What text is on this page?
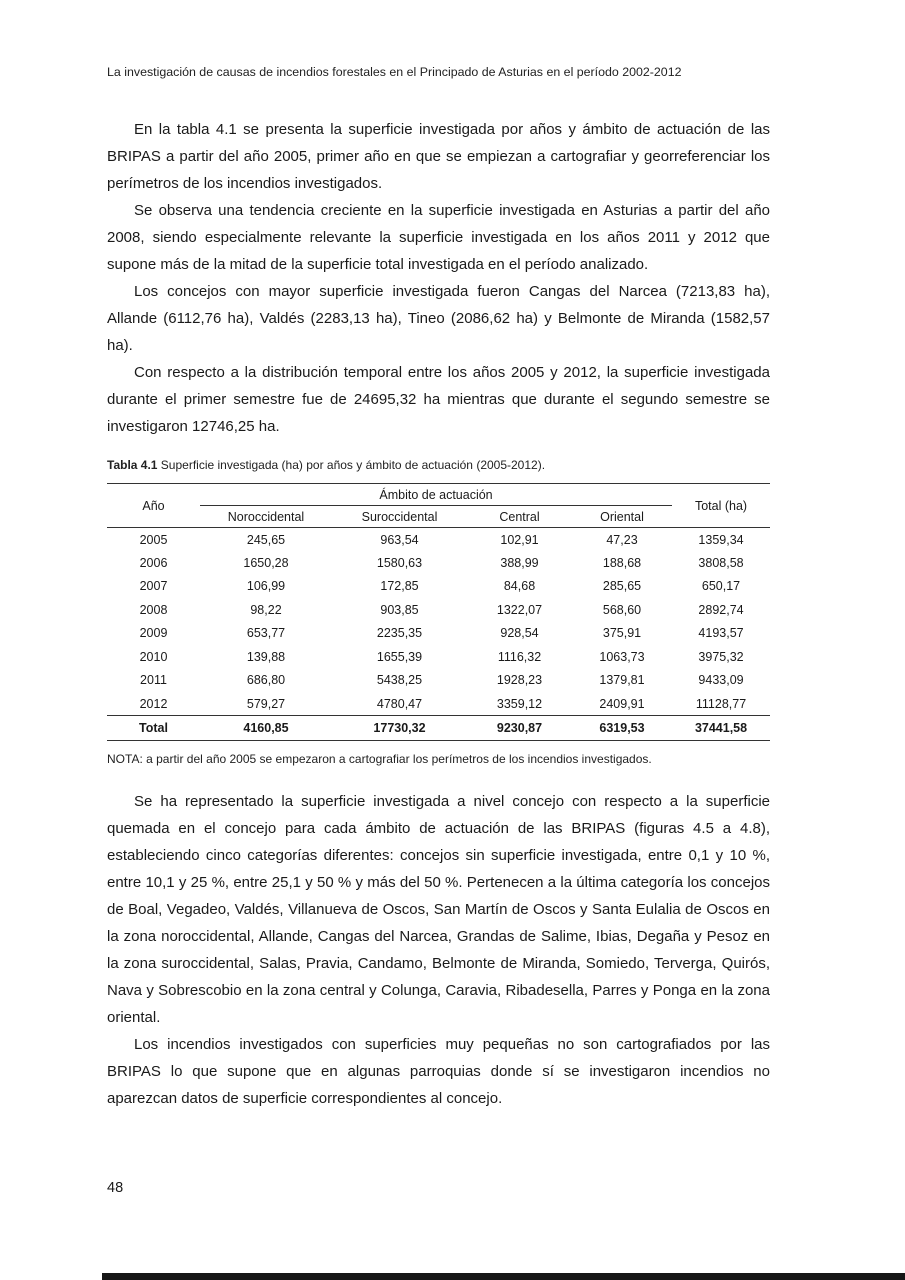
La investigación de causas de incendios forestales en el Principado de Asturias en el período 2002-2012

En la tabla 4.1 se presenta la superficie investigada por años y ámbito de actuación de las BRIPAS a partir del año 2005, primer año en que se empiezan a cartografiar y georreferenciar los perímetros de los incendios investigados.

Se observa una tendencia creciente en la superficie investigada en Asturias a partir del año 2008, siendo especialmente relevante la superficie investigada en los años 2011 y 2012 que supone más de la mitad de la superficie total investigada en el período analizado.

Los concejos con mayor superficie investigada fueron Cangas del Narcea (7213,83 ha), Allande (6112,76 ha), Valdés (2283,13 ha), Tineo (2086,62 ha) y Belmonte de Miranda (1582,57 ha).

Con respecto a la distribución temporal entre los años 2005 y 2012, la superficie investigada durante el primer semestre fue de 24695,32 ha mientras que durante el segundo semestre se investigaron 12746,25 ha.

Tabla 4.1 Superficie investigada (ha) por años y ámbito de actuación (2005-2012).
Año	Ámbito de actuación				Total (ha)
	Noroccidental	Suroccidental	Central	Oriental	
2005	245,65	963,54	102,91	47,23	1359,34
2006	1650,28	1580,63	388,99	188,68	3808,58
2007	106,99	172,85	84,68	285,65	650,17
2008	98,22	903,85	1322,07	568,60	2892,74
2009	653,77	2235,35	928,54	375,91	4193,57
2010	139,88	1655,39	1116,32	1063,73	3975,32
2011	686,80	5438,25	1928,23	1379,81	9433,09
2012	579,27	4780,47	3359,12	2409,91	11128,77
Total	4160,85	17730,32	9230,87	6319,53	37441,58
NOTA: a partir del año 2005 se empezaron a cartografiar los perímetros de los incendios investigados.

Se ha representado la superficie investigada a nivel concejo con respecto a la superficie quemada en el concejo para cada ámbito de actuación de las BRIPAS (figuras 4.5 a 4.8), estableciendo cinco categorías diferentes: concejos sin superficie investigada, entre 0,1 y 10 %, entre 10,1 y 25 %, entre 25,1 y 50 % y más del 50 %. Pertenecen a la última categoría los concejos de Boal, Vegadeo, Valdés, Villanueva de Oscos, San Martín de Oscos y Santa Eulalia de Oscos en la zona noroccidental, Allande, Cangas del Narcea, Grandas de Salime, Ibias, Degaña y Pesoz en la zona suroccidental, Salas, Pravia, Candamo, Belmonte de Miranda, Somiedo, Terverga, Quirós, Nava y Sobrescobio en la zona central y Colunga, Caravia, Ribadesella, Parres y Ponga en la zona oriental.

Los incendios investigados con superficies muy pequeñas no son cartografiados por las BRIPAS lo que supone que en algunas parroquias donde sí se investigaron incendios no aparezcan datos de superficie correspondientes al concejo.

48
